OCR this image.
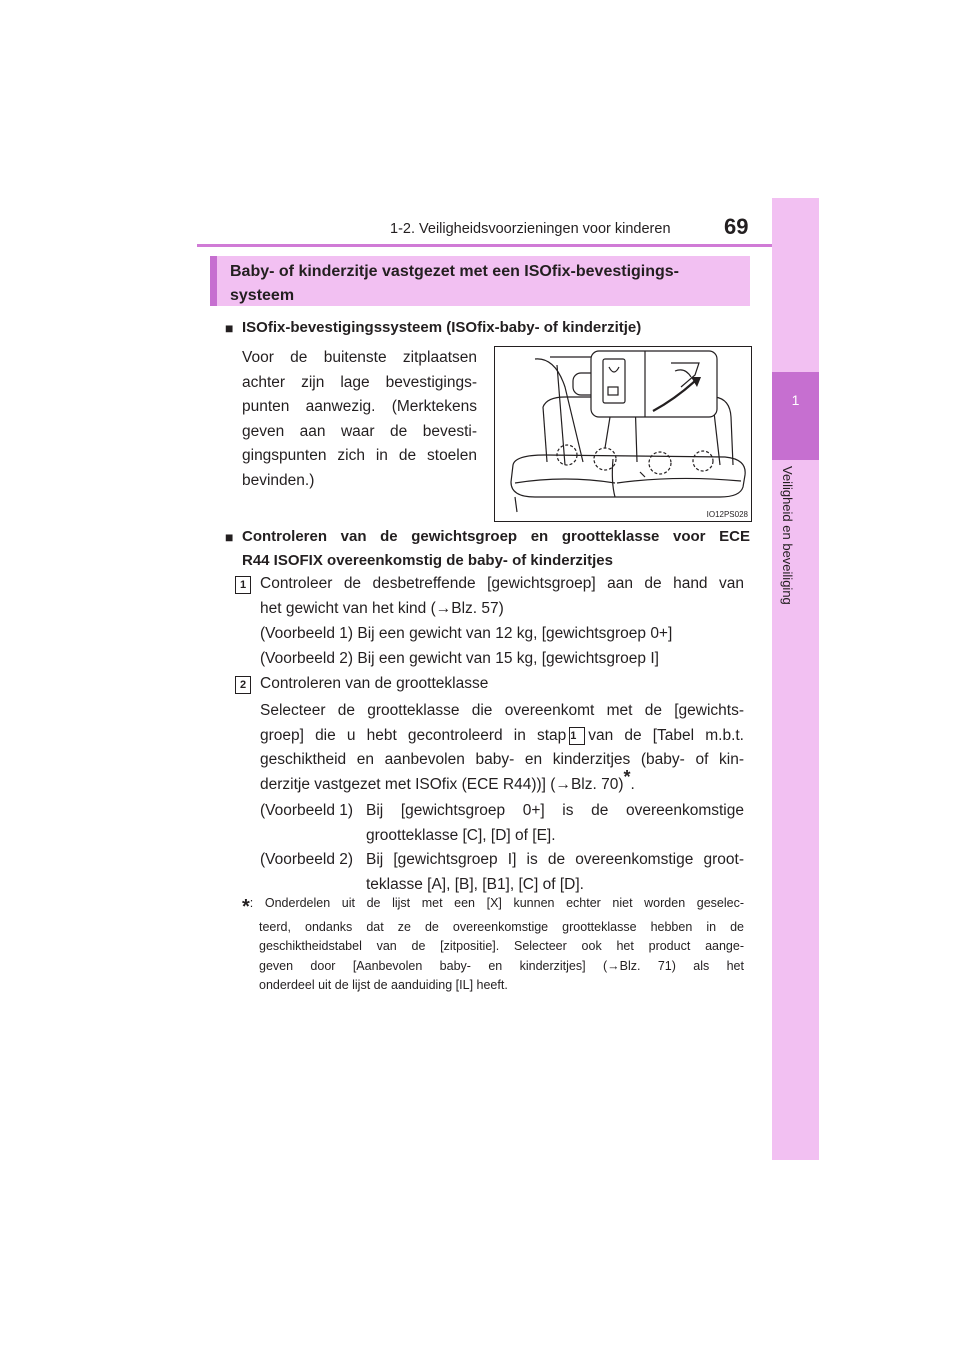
1-2. Veiligheidsvoorzieningen voor kinderen 69
1
Veiligheid en beveiliging
Baby- of kinderzitje vastgezet met een ISOfix-bevestigings-
systeem
■ ISOfix-bevestigingssysteem (ISOfix-baby- of kinderzitje)
Voor de buitenste zitplaatsen
achter zijn lage bevestigings-
punten aanwezig. (Merktekens
geven aan waar de bevesti-
gingspunten zich in de stoelen
bevinden.)
IO12PS028
■ Controleren van de gewichtsgroep en grootteklasse voor ECE
R44 ISOFIX overeenkomstig de baby- of kinderzitjes
1 Controleer de desbetreffende [gewichtsgroep] aan de hand van
het gewicht van het kind (→Blz. 57)
(Voorbeeld 1) Bij een gewicht van 12 kg, [gewichtsgroep 0+]
(Voorbeeld 2) Bij een gewicht van 15 kg, [gewichtsgroep I]
2 Controleren van de grootteklasse
Selecteer de grootteklasse die overeenkomt met de [gewichts-
groep] die u hebt gecontroleerd in stap 1 van de [Tabel m.b.t.
geschiktheid en aanbevolen baby- en kinderzitjes (baby- of kin-
derzitje vastgezet met ISOfix (ECE R44))] (→Blz. 70)*.
(Voorbeeld 1) Bij [gewichtsgroep 0+] is de overeenkomstige grootteklasse [C], [D] of [E].
(Voorbeeld 2) Bij [gewichtsgroep I] is de overeenkomstige groot-teklasse [A], [B], [B1], [C] of [D].
*: Onderdelen uit de lijst met een [X] kunnen echter niet worden geselec-
teerd, ondanks dat ze de overeenkomstige grootteklasse hebben in de
geschiktheidstabel van de [zitpositie]. Selecteer ook het product aange-
geven door [Aanbevolen baby- en kinderzitjes] (→Blz. 71) als het
onderdeel uit de lijst de aanduiding [IL] heeft.
